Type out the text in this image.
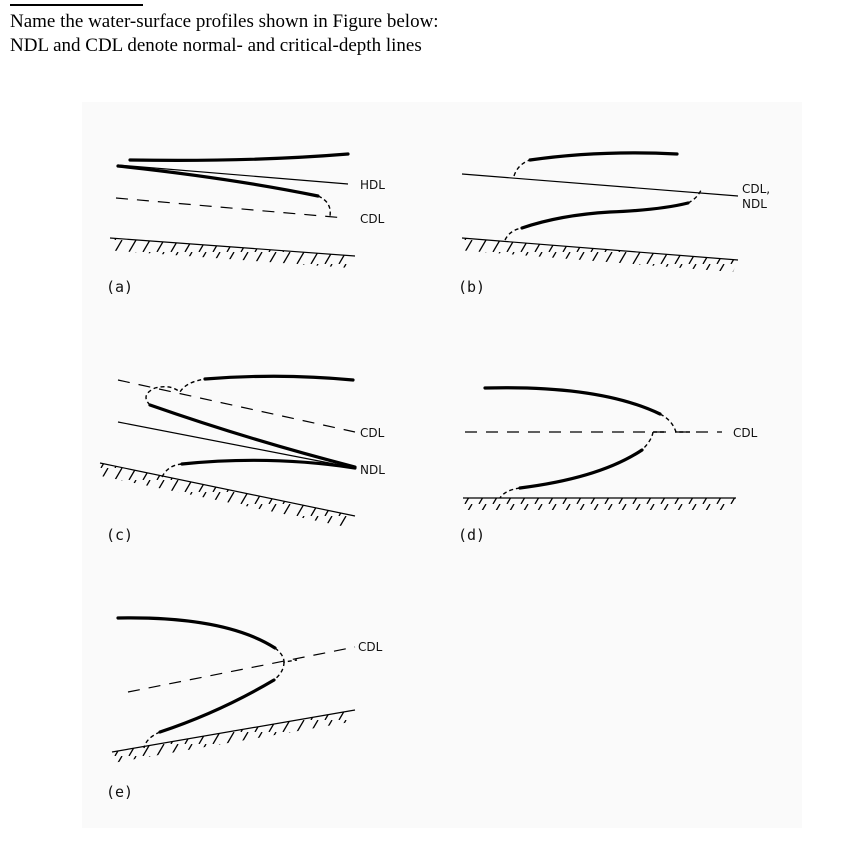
Name the water-surface profiles shown in Figure below:
NDL and CDL denote normal- and critical-depth lines
HDL
CDL
(a)
CDL,
NDL
(b)
CDL
NDL
(c)
CDL
(d)
CDL
(e)
